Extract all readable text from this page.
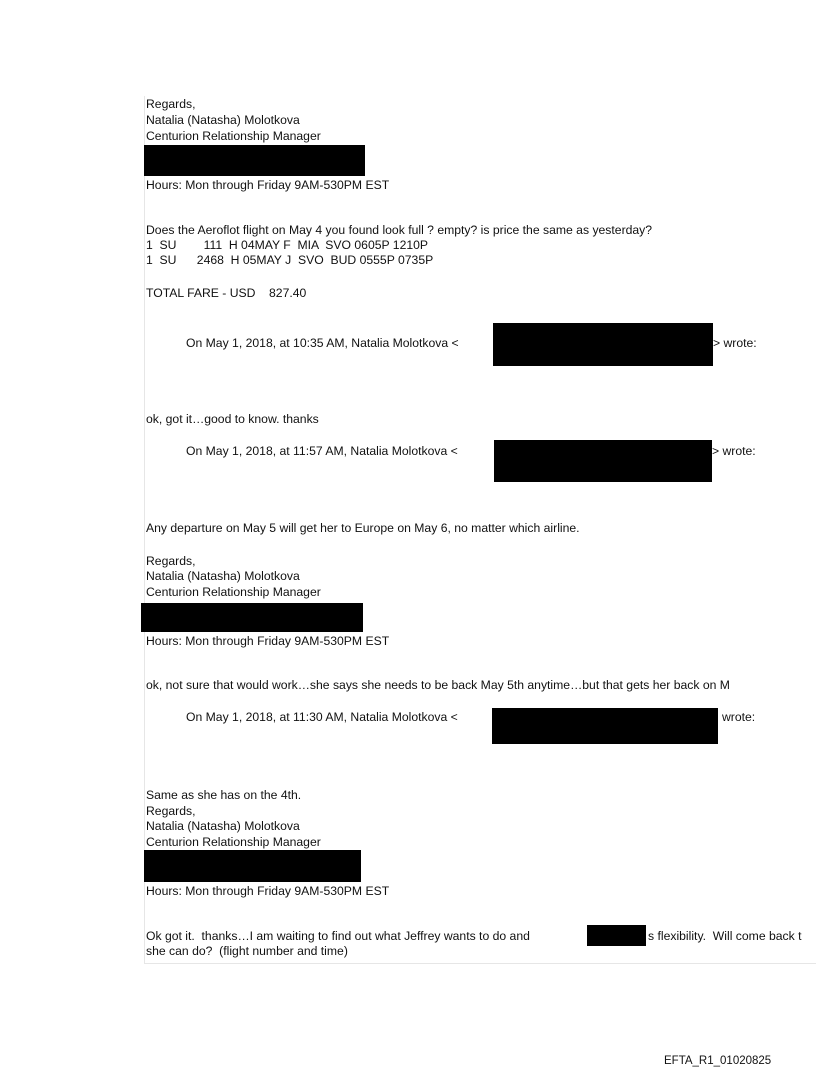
Regards,
Natalia (Natasha) Molotkova
Centurion Relationship Manager
Hours: Mon through Friday 9AM-530PM EST
Does the Aeroflot flight on May 4 you found look full ? empty? is price the same as yesterday?
1  SU        111  H 04MAY F  MIA  SVO 0605P 1210P
1  SU      2468  H 05MAY J  SVO  BUD 0555P 0735P
TOTAL FARE - USD    827.40
On May 1, 2018, at 10:35 AM, Natalia Molotkova <	> wrote:
ok, got it…good to know. thanks
On May 1, 2018, at 11:57 AM, Natalia Molotkova <	> wrote:
Any departure on May 5 will get her to Europe on May 6, no matter which airline.
Regards,
Natalia (Natasha) Molotkova
Centurion Relationship Manager
Hours: Mon through Friday 9AM-530PM EST
ok, not sure that would work…she says she needs to be back May 5th anytime…but that gets her back on M
On May 1, 2018, at 11:30 AM, Natalia Molotkova <	wrote:
Same as she has on the 4th.
Regards,
Natalia (Natasha) Molotkova
Centurion Relationship Manager
Hours: Mon through Friday 9AM-530PM EST
Ok got it.  thanks…I am waiting to find out what Jeffrey wants to do and	s flexibility.  Will come back t
she can do?  (flight number and time)
EFTA_R1_01020825
